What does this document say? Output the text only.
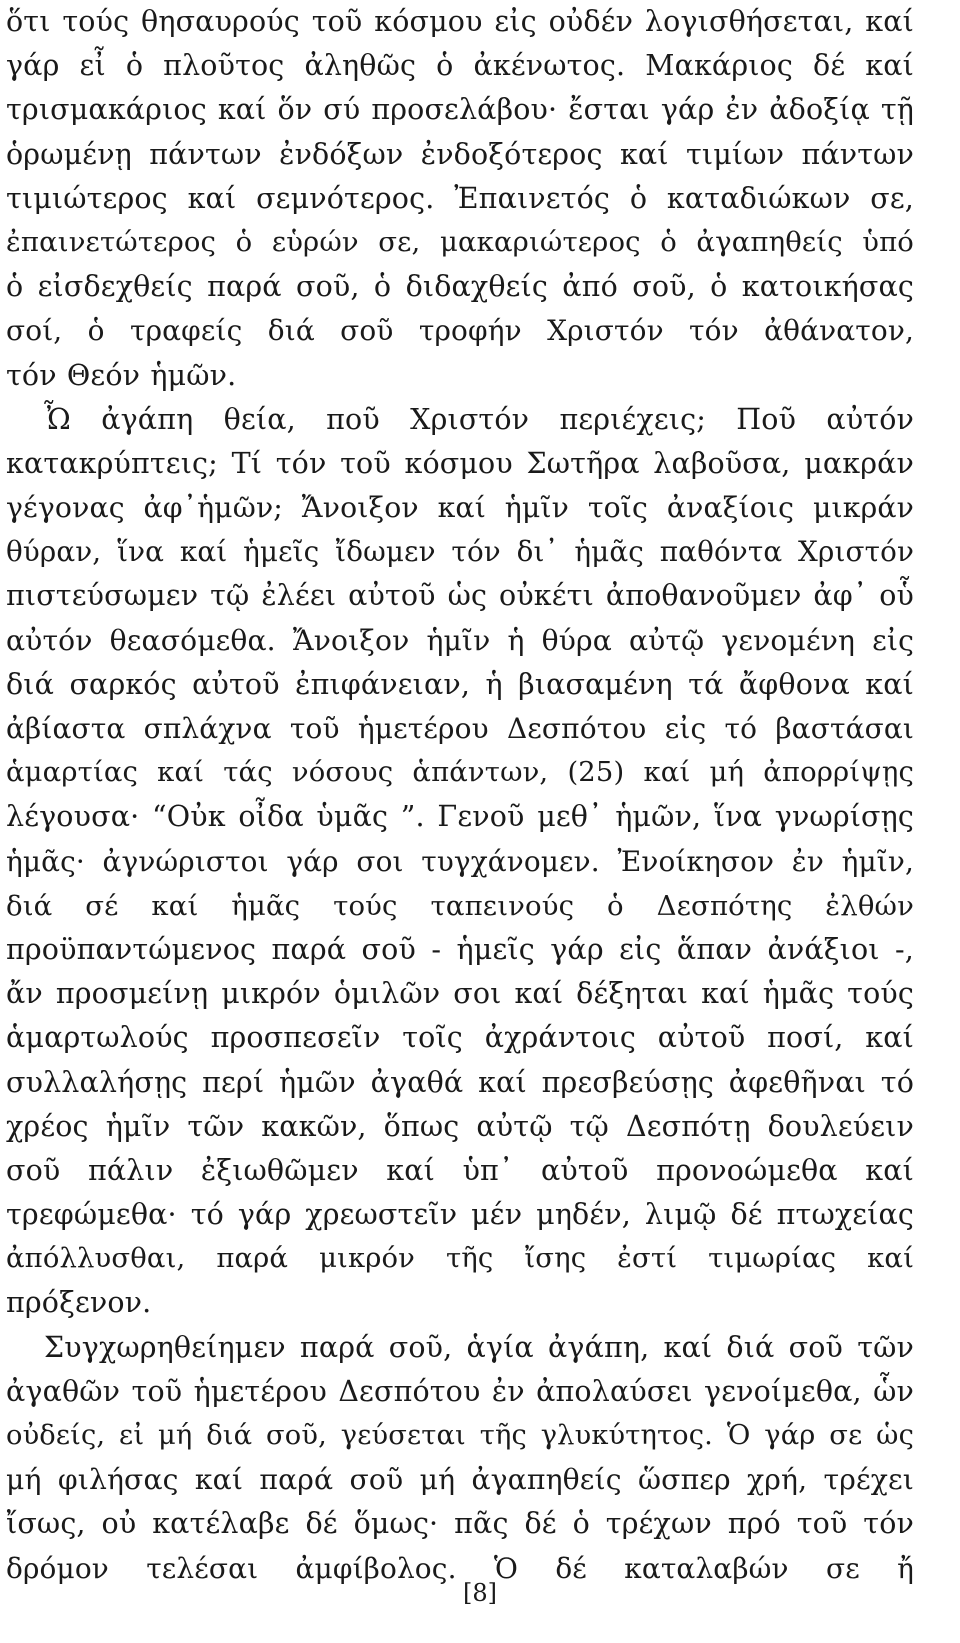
ὅτι τούς θησαυρούς τοῦ κόσμου εἰς οὐδέν λογισθήσεται, καί
γάρ εἶ ὁ πλοῦτος ἀληθῶς ὁ ἀκένωτος. Μακάριος δέ καί
τρισμακάριος καί ὅν σύ προσελάβου· ἔσται γάρ ἐν ἀδοξίᾳ τῇ
ὁρωμένῃ πάντων ἐνδόξων ἐνδοξότερος καί τιμίων πάντων
τιμιώτερος καί σεμνότερος. Ἐπαινετός ὁ καταδιώκων σε,
ἐπαινετώτερος ὁ εὑρών σε, μακαριώτερος ὁ ἀγαπηθείς ὑπό
ὁ εἰσδεχθείς παρά σοῦ, ὁ διδαχθείς ἀπό σοῦ, ὁ κατοικήσας
σοί, ὁ τραφείς διά σοῦ τροφήν Χριστόν τόν ἀθάνατον,
τόν Θεόν ἡμῶν.
Ὦ ἀγάπη θεία, ποῦ Χριστόν περιέχεις; Ποῦ αὐτόν
κατακρύπτεις; Τί τόν τοῦ κόσμου Σωτῆρα λαβοῦσα, μακράν
γέγονας ἀφ᾽ἡμῶν; Ἄνοιξον καί ἡμῖν τοῖς ἀναξίοις μικράν
θύραν, ἵνα καί ἡμεῖς ἴδωμεν τόν δι᾽ ἡμᾶς παθόντα Χριστόν
πιστεύσωμεν τῷ ἐλέει αὐτοῦ ὡς οὐκέτι ἀποθανοῦμεν ἀφ᾽ οὗ
αὐτόν θεασόμεθα. Ἄνοιξον ἡμῖν ἡ θύρα αὐτῷ γενομένη εἰς
διά σαρκός αὐτοῦ ἐπιφάνειαν, ἡ βιασαμένη τά ἄφθονα καί
ἀβίαστα σπλάχνα τοῦ ἡμετέρου Δεσπότου εἰς τό βαστάσαι
ἁμαρτίας καί τάς νόσους ἁπάντων, (25) καί μή ἀπορρίψῃς
λέγουσα· “Οὐκ οἶδα ὑμᾶς ”. Γενοῦ μεθ᾽ ἡμῶν, ἵνα γνωρίσῃς
ἡμᾶς· ἀγνώριστοι γάρ σοι τυγχάνομεν. Ἐνοίκησον ἐν ἡμῖν,
διά σέ καί ἡμᾶς τούς ταπεινούς ὁ Δεσπότης ἐλθών
προϋπαντώμενος παρά σοῦ - ἡμεῖς γάρ εἰς ἅπαν ἀνάξιοι -,
ἄν προσμείνῃ μικρόν ὁμιλῶν σοι καί δέξηται καί ἡμᾶς τούς
ἁμαρτωλούς προσπεσεῖν τοῖς ἀχράντοις αὐτοῦ ποσί, καί
συλλαλήσῃς περί ἡμῶν ἀγαθά καί πρεσβεύσῃς ἀφεθῆναι τό
χρέος ἡμῖν τῶν κακῶν, ὅπως αὐτῷ τῷ Δεσπότῃ δουλεύειν
σοῦ πάλιν ἐξιωθῶμεν καί ὑπ᾽ αὐτοῦ προνοώμεθα καί
τρεφώμεθα· τό γάρ χρεωστεῖν μέν μηδέν, λιμῷ δέ πτωχείας
ἀπόλλυσθαι, παρά μικρόν τῆς ἴσης ἐστί τιμωρίας καί
πρόξενον.
Συγχωρηθείημεν παρά σοῦ, ἁγία ἀγάπη, καί διά σοῦ τῶν
ἀγαθῶν τοῦ ἡμετέρου Δεσπότου ἐν ἀπολαύσει γενοίμεθα, ὧν
οὐδείς, εἰ μή διά σοῦ, γεύσεται τῆς γλυκύτητος. Ὁ γάρ σε ὡς
μή φιλήσας καί παρά σοῦ μή ἀγαπηθείς ὥσπερ χρή, τρέχει
ἴσως, οὐ κατέλαβε δέ ὅμως· πᾶς δέ ὁ τρέχων πρό τοῦ τόν
δρόμον τελέσαι ἀμφίβολος. Ὁ δέ καταλαβών σε ἤ
[8]
